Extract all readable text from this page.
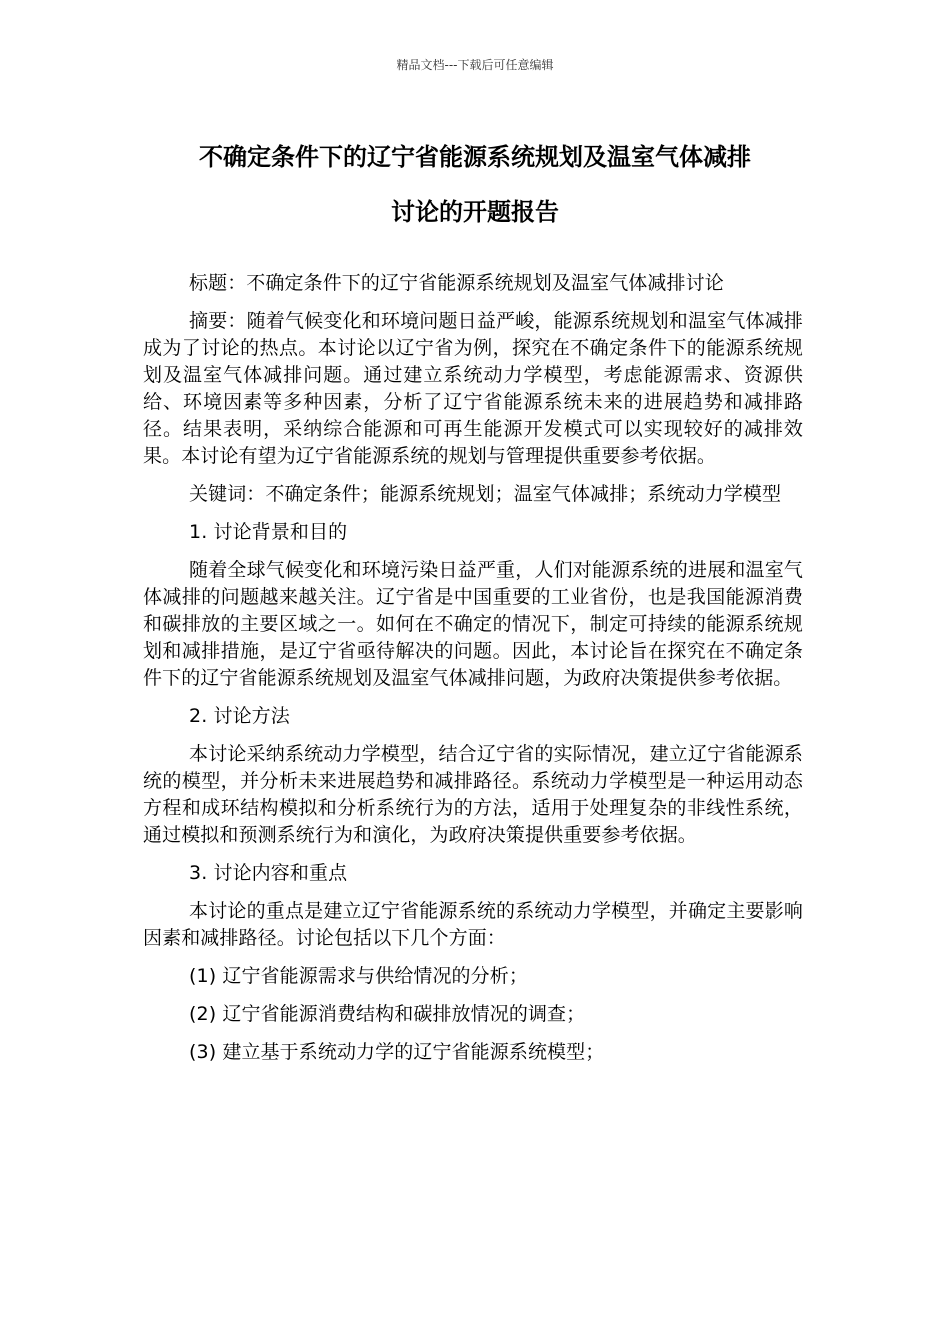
精品文档---下载后可任意编辑
不确定条件下的辽宁省能源系统规划及温室气体减排
讨论的开题报告

标题：不确定条件下的辽宁省能源系统规划及温室气体减排讨论

摘要：随着气候变化和环境问题日益严峻，能源系统规划和温室气体减排成为了讨论的热点。本讨论以辽宁省为例，探究在不确定条件下的能源系统规划及温室气体减排问题。通过建立系统动力学模型，考虑能源需求、资源供给、环境因素等多种因素，分析了辽宁省能源系统未来的进展趋势和减排路径。结果表明，采纳综合能源和可再生能源开发模式可以实现较好的减排效果。本讨论有望为辽宁省能源系统的规划与管理提供重要参考依据。

关键词：不确定条件；能源系统规划；温室气体减排；系统动力学模型

1. 讨论背景和目的

随着全球气候变化和环境污染日益严重，人们对能源系统的进展和温室气体减排的问题越来越关注。辽宁省是中国重要的工业省份，也是我国能源消费和碳排放的主要区域之一。如何在不确定的情况下，制定可持续的能源系统规划和减排措施，是辽宁省亟待解决的问题。因此，本讨论旨在探究在不确定条件下的辽宁省能源系统规划及温室气体减排问题，为政府决策提供参考依据。

2. 讨论方法

本讨论采纳系统动力学模型，结合辽宁省的实际情况，建立辽宁省能源系统的模型，并分析未来进展趋势和减排路径。系统动力学模型是一种运用动态方程和成环结构模拟和分析系统行为的方法，适用于处理复杂的非线性系统，通过模拟和预测系统行为和演化，为政府决策提供重要参考依据。

3. 讨论内容和重点

本讨论的重点是建立辽宁省能源系统的系统动力学模型，并确定主要影响因素和减排路径。讨论包括以下几个方面：

(1) 辽宁省能源需求与供给情况的分析；

(2) 辽宁省能源消费结构和碳排放情况的调查；

(3) 建立基于系统动力学的辽宁省能源系统模型；
